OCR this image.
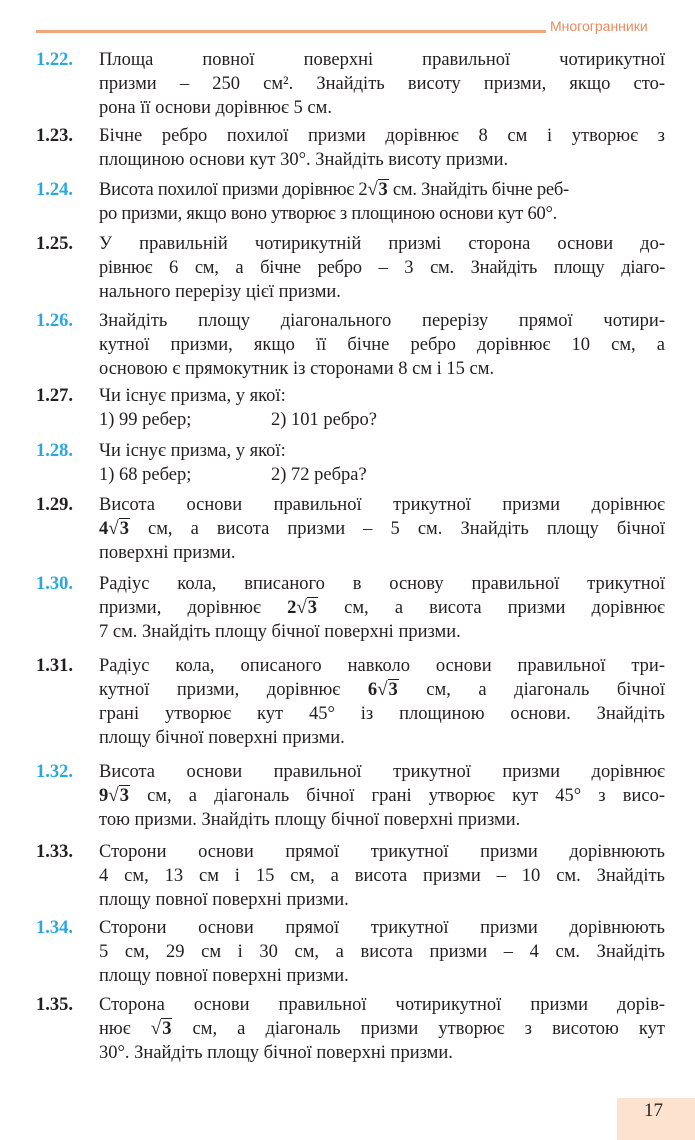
Многогранники
1.22.	Площа повної поверхні правильної чотирикутної
призми – 250 см². Знайдіть висоту призми, якщо сто-
рона її основи дорівнює 5 см.
1.23.	Бічне ребро похилої призми дорівнює 8 см і утворює з
площиною основи кут 30°. Знайдіть висоту призми.
1.24.	Висота похилої призми дорівнює 2√3 см. Знайдіть бічне реб-
ро призми, якщо воно утворює з площиною основи кут 60°.
1.25.	У правильній чотирикутній призмі сторона основи до-
рівнює 6 см, а бічне ребро – 3 см. Знайдіть площу діаго-
нального перерізу цієї призми.
1.26.	Знайдіть площу діагонального перерізу прямої чотири-
кутної призми, якщо її бічне ребро дорівнює 10 см, а
основою є прямокутник із сторонами 8 см і 15 см.
1.27.	Чи існує призма, у якої:
1) 99 ребер;	2) 101 ребро?
1.28.	Чи існує призма, у якої:
1) 68 ребер;	2) 72 ребра?
1.29.	Висота основи правильної трикутної призми дорівнює
4√3 см, а висота призми – 5 см. Знайдіть площу бічної
поверхні призми.
1.30.	Радіус кола, вписаного в основу правильної трикутної
призми, дорівнює 2√3 см, а висота призми дорівнює
7 см. Знайдіть площу бічної поверхні призми.
1.31.	Радіус кола, описаного навколо основи правильної три-
кутної призми, дорівнює 6√3 см, а діагональ бічної
грані утворює кут 45° із площиною основи. Знайдіть
площу бічної поверхні призми.
1.32.	Висота основи правильної трикутної призми дорівнює
9√3 см, а діагональ бічної грані утворює кут 45° з висо-
тою призми. Знайдіть площу бічної поверхні призми.
1.33.	Сторони основи прямої трикутної призми дорівнюють
4 см, 13 см і 15 см, а висота призми – 10 см. Знайдіть
площу повної поверхні призми.
1.34.	Сторони основи прямої трикутної призми дорівнюють
5 см, 29 см і 30 см, а висота призми – 4 см. Знайдіть
площу повної поверхні призми.
1.35.	Сторона основи правильної чотирикутної призми дорів-
нює √3 см, а діагональ призми утворює з висотою кут
30°. Знайдіть площу бічної поверхні призми.
17
